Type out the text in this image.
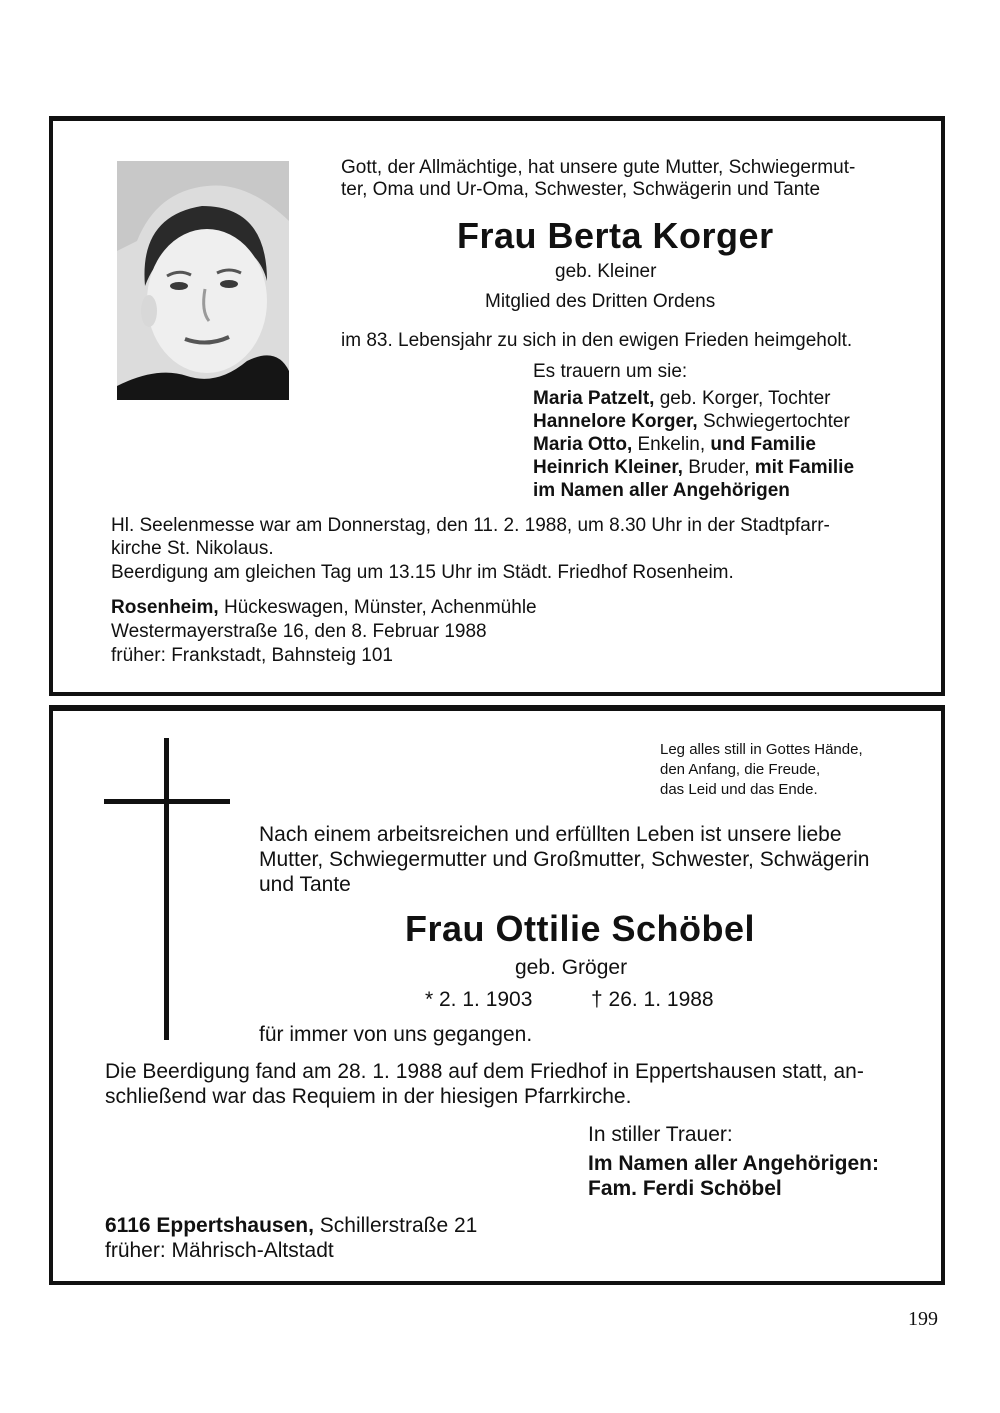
Gott, der Allmächtige, hat unsere gute Mutter, Schwiegermut-
ter, Oma und Ur-Oma, Schwester, Schwägerin und Tante
Frau Berta Korger
geb. Kleiner
Mitglied des Dritten Ordens
im 83. Lebensjahr zu sich in den ewigen Frieden heimgeholt.
Es trauern um sie:
Maria Patzelt, geb. Korger, Tochter
Hannelore Korger, Schwiegertochter
Maria Otto, Enkelin, und Familie
Heinrich Kleiner, Bruder, mit Familie
im Namen aller Angehörigen
Hl. Seelenmesse war am Donnerstag, den 11. 2. 1988, um 8.30 Uhr in der Stadtpfarr-
kirche St. Nikolaus.
Beerdigung am gleichen Tag um 13.15 Uhr im Städt. Friedhof Rosenheim.
Rosenheim, Hückeswagen, Münster, Achenmühle
Westermayerstraße 16, den 8. Februar 1988
früher: Frankstadt, Bahnsteig 101
Leg alles still in Gottes Hände,
den Anfang, die Freude,
das Leid und das Ende.
Nach einem arbeitsreichen und erfüllten Leben ist unsere liebe
Mutter, Schwiegermutter und Großmutter, Schwester, Schwägerin
und Tante
Frau Ottilie Schöbel
geb. Gröger
* 2. 1. 1903	† 26. 1. 1988
für immer von uns gegangen.
Die Beerdigung fand am 28. 1. 1988 auf dem Friedhof in Eppertshausen statt, an-
schließend war das Requiem in der hiesigen Pfarrkirche.
In stiller Trauer:
Im Namen aller Angehörigen:
Fam. Ferdi Schöbel
6116 Eppertshausen, Schillerstraße 21
früher: Mährisch-Altstadt
199
